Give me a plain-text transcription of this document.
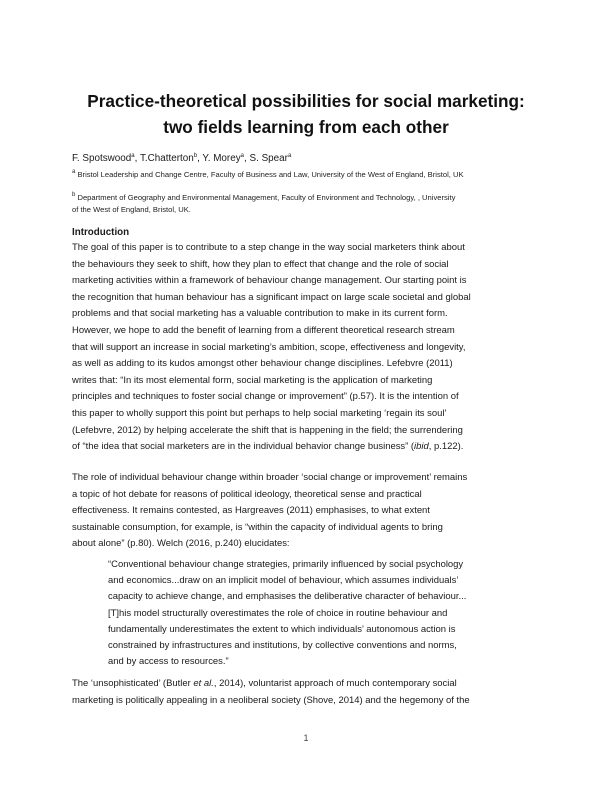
Practice-theoretical possibilities for social marketing:
two fields learning from each other
F. Spotswood$^a$, T.Chatterton$^b$, Y. Morey$^a$, S. Spear$^a$
$^a$ Bristol Leadership and Change Centre, Faculty of Business and Law, University of the West of England, Bristol, UK
$^b$ Department of Geography and Environmental Management, Faculty of Environment and Technology, , University
of the West of England, Bristol, UK.
Introduction
The goal of this paper is to contribute to a step change in the way social marketers think about
the behaviours they seek to shift, how they plan to effect that change and the role of social
marketing activities within a framework of behaviour change management. Our starting point is
the recognition that human behaviour has a significant impact on large scale societal and global
problems and that social marketing has a valuable contribution to make in its current form.
However, we hope to add the benefit of learning from a different theoretical research stream
that will support an increase in social marketing’s ambition, scope, effectiveness and longevity,
as well as adding to its kudos amongst other behaviour change disciplines. Lefebvre (2011)
writes that: “In its most elemental form, social marketing is the application of marketing
principles and techniques to foster social change or improvement” (p.57). It is the intention of
this paper to wholly support this point but perhaps to help social marketing ‘regain its soul’
(Lefebvre, 2012) by helping accelerate the shift that is happening in the field; the surrendering
of “the idea that social marketers are in the individual behavior change business” (ibid, p.122).
The role of individual behaviour change within broader ‘social change or improvement’ remains
a topic of hot debate for reasons of political ideology, theoretical sense and practical
effectiveness. It remains contested, as Hargreaves (2011) emphasises, to what extent
sustainable consumption, for example, is “within the capacity of individual agents to bring
about alone” (p.80). Welch (2016, p.240) elucidates:
“Conventional behaviour change strategies, primarily influenced by social psychology
and economics...draw on an implicit model of behaviour, which assumes individuals’
capacity to achieve change, and emphasises the deliberative character of behaviour...
[T]his model structurally overestimates the role of choice in routine behaviour and
fundamentally underestimates the extent to which individuals’ autonomous action is
constrained by infrastructures and institutions, by collective conventions and norms,
and by access to resources.”
The ‘unsophisticated’ (Butler et al., 2014), voluntarist approach of much contemporary social
marketing is politically appealing in a neoliberal society (Shove, 2014) and the hegemony of the
1
